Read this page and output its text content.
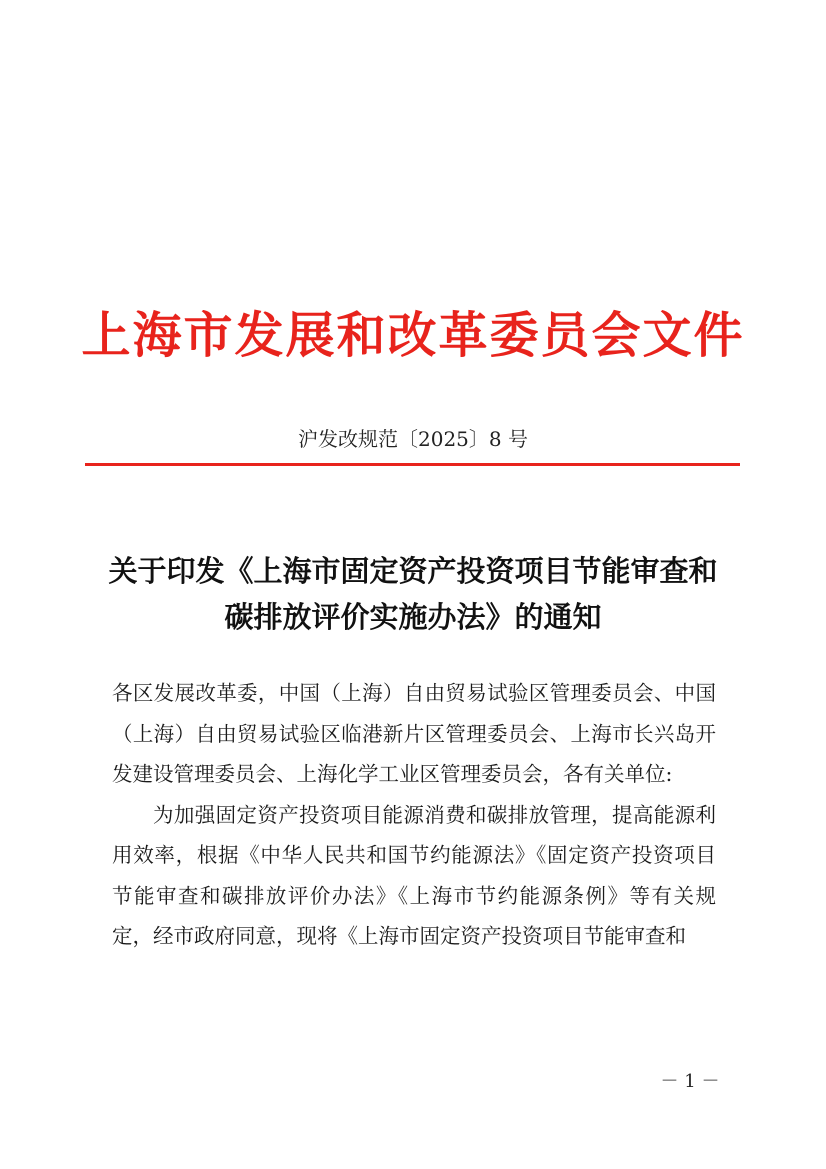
上海市发展和改革委员会文件
沪发改规范〔2025〕8 号
关于印发《上海市固定资产投资项目节能审查和
碳排放评价实施办法》的通知

各区发展改革委，中国（上海）自由贸易试验区管理委员会、中国（上海）自由贸易试验区临港新片区管理委员会、上海市长兴岛开发建设管理委员会、上海化学工业区管理委员会，各有关单位:

为加强固定资产投资项目能源消费和碳排放管理，提高能源利用效率，根据《中华人民共和国节约能源法》《固定资产投资项目节能审查和碳排放评价办法》《上海市节约能源条例》等有关规定，经市政府同意，现将《上海市固定资产投资项目节能审查和

－ 1 －
